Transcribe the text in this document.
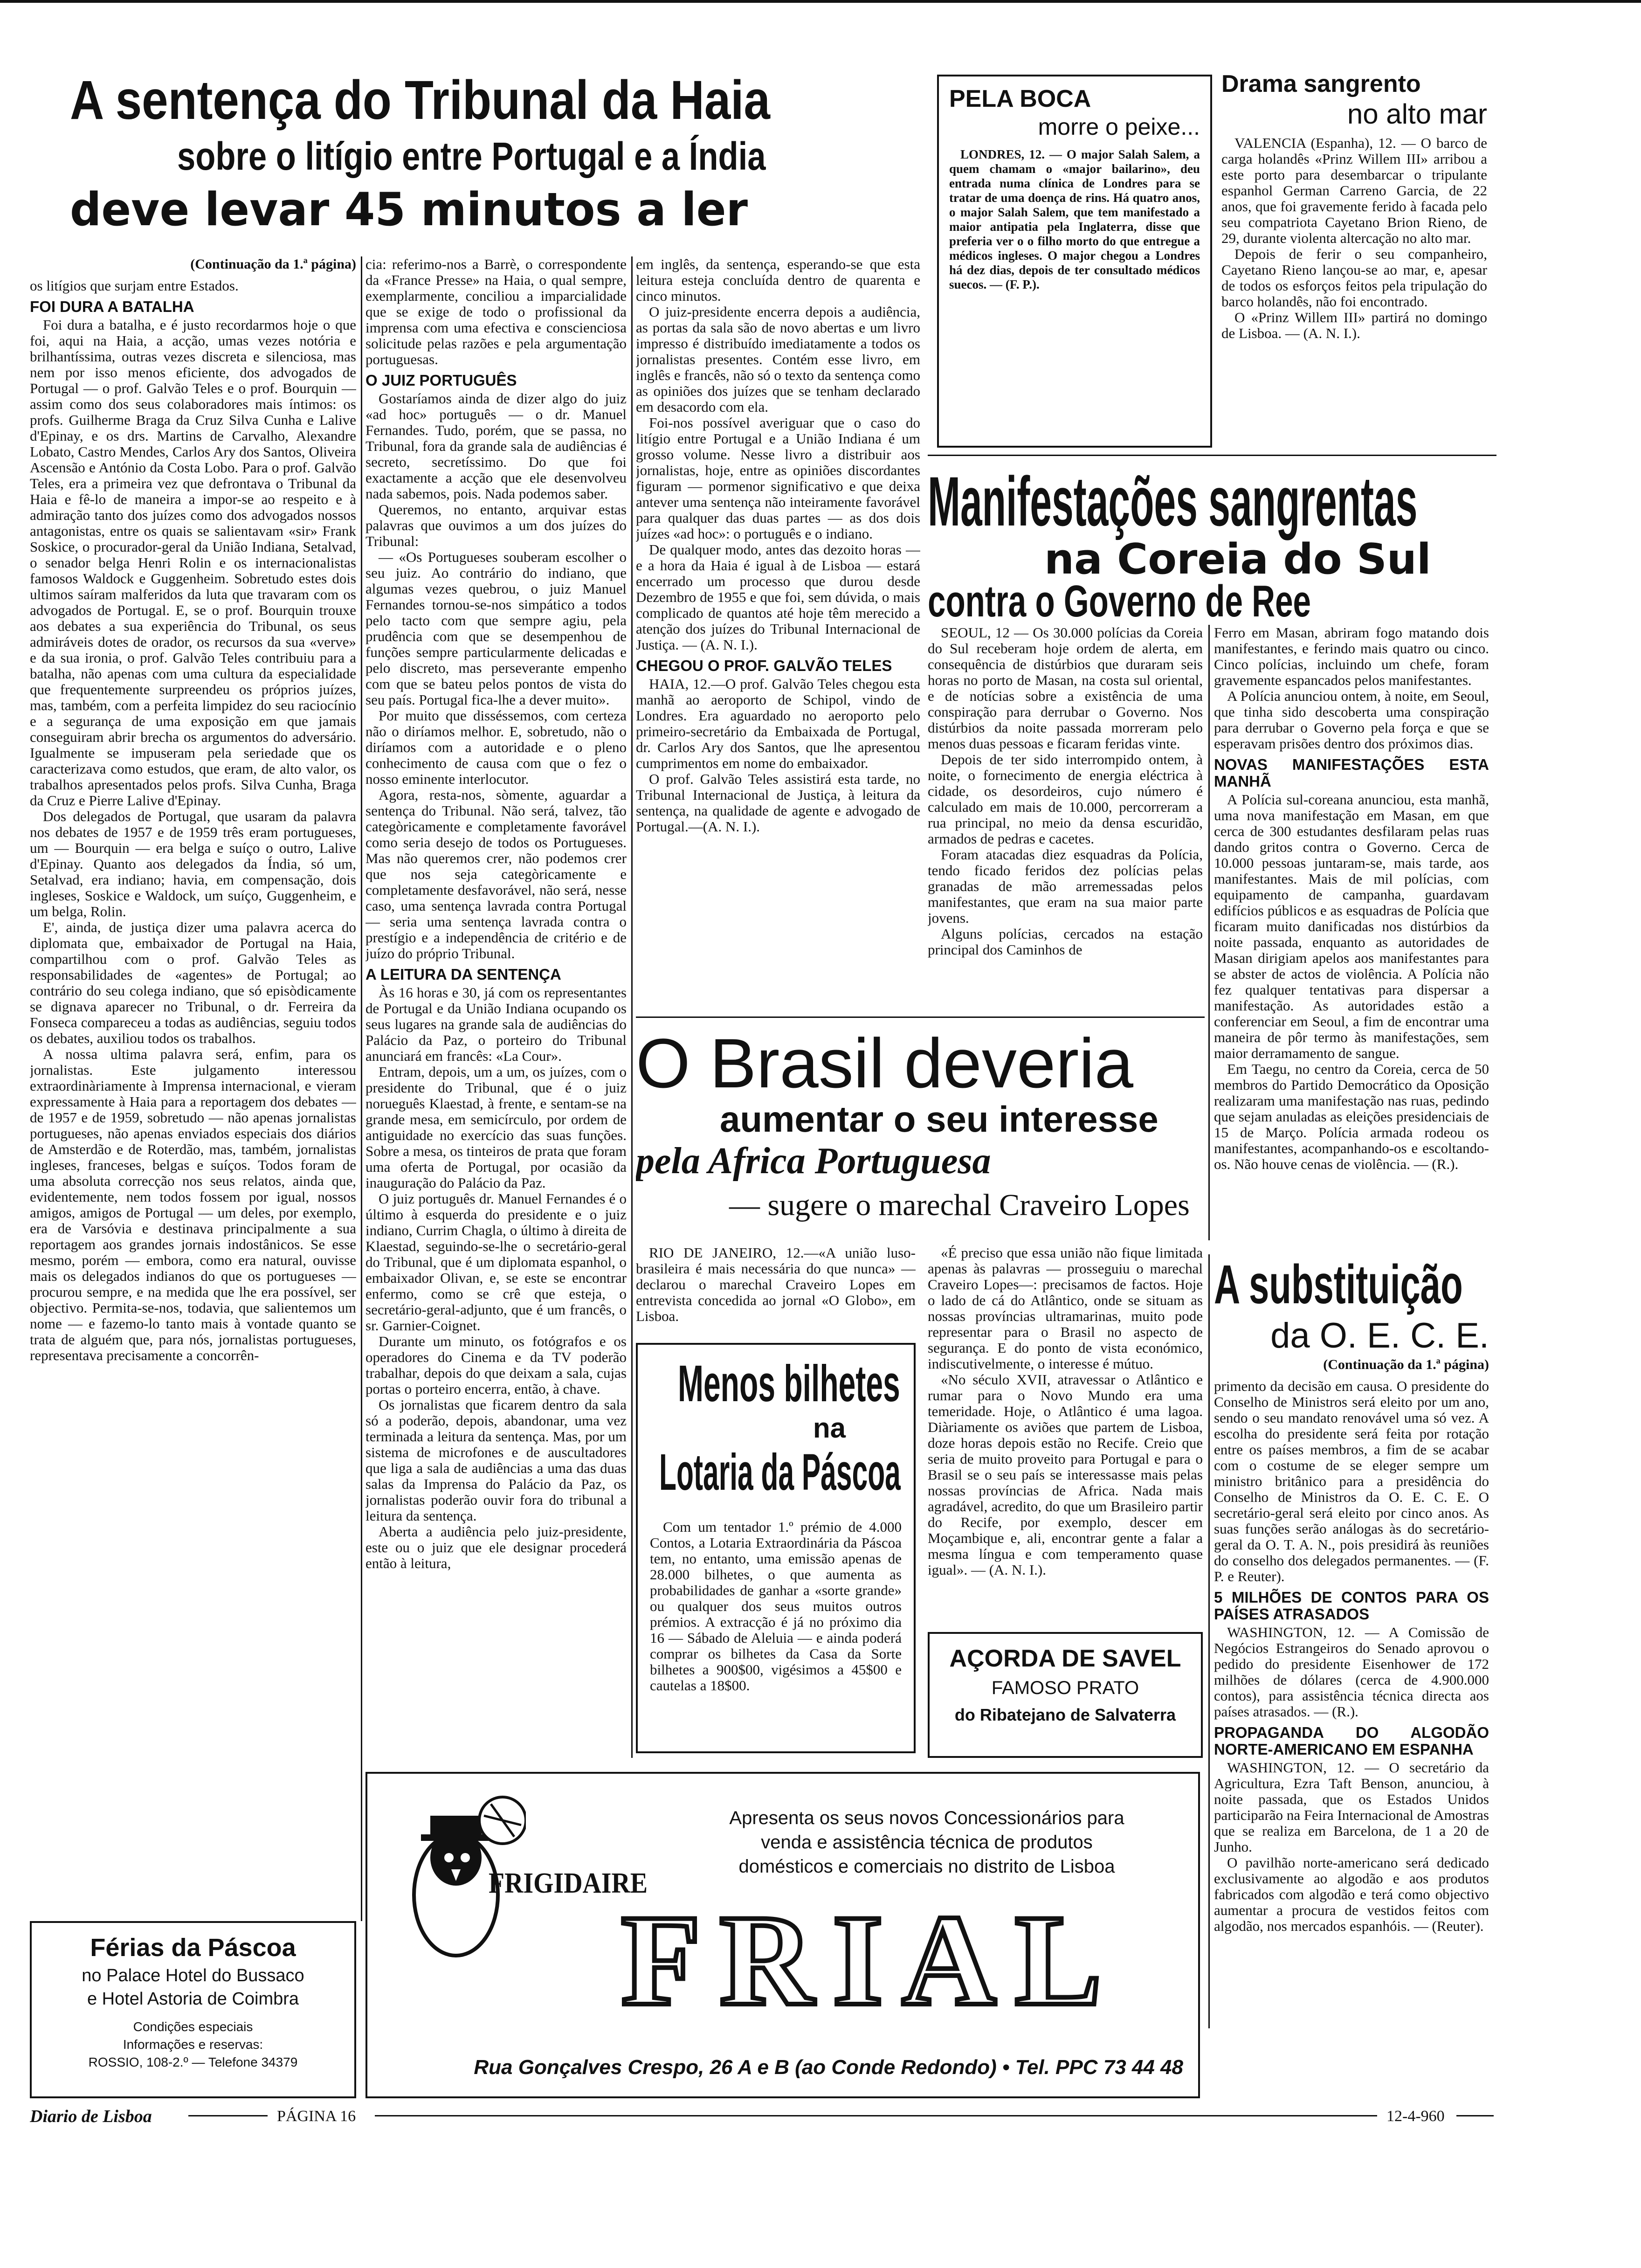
A sentença do Tribunal da Haia
sobre o litígio entre Portugal e a Índia
deve levar 45 minutos a ler
(Continuação da 1.ª página)

os litígios que surjam entre Estados.

FOI DURA A BATALHA

Foi dura a batalha, e é justo recordarmos hoje o que foi, aqui na Haia, a acção, umas vezes notória e brilhantíssima, outras vezes discreta e silenciosa, mas nem por isso menos eficiente, dos advogados de Portugal — o prof. Galvão Teles e o prof. Bourquin — assim como dos seus colaboradores mais íntimos: os profs. Guilherme Braga da Cruz Silva Cunha e Lalive d'Epinay, e os drs. Martins de Carvalho, Alexandre Lobato, Castro Mendes, Carlos Ary dos Santos, Oliveira Ascensão e António da Costa Lobo. Para o prof. Galvão Teles, era a primeira vez que defrontava o Tribunal da Haia e fê-lo de maneira a impor-se ao respeito e à admiração tanto dos juízes como dos advogados nossos antagonistas, entre os quais se salientavam «sir» Frank Soskice, o procurador-geral da União Indiana, Setalvad, o senador belga Henri Rolin e os internacionalistas famosos Waldock e Guggenheim. Sobretudo estes dois ultimos saíram malferidos da luta que travaram com os advogados de Portugal. E, se o prof. Bourquin trouxe aos debates a sua experiência do Tribunal, os seus admiráveis dotes de orador, os recursos da sua «verve» e da sua ironia, o prof. Galvão Teles contribuiu para a batalha, não apenas com uma cultura da especialidade que frequentemente surpreendeu os próprios juízes, mas, também, com a perfeita limpidez do seu raciocínio e a segurança de uma exposição em que jamais conseguiram abrir brecha os argumentos do adversário. Igualmente se impuseram pela seriedade que os caracterizava como estudos, que eram, de alto valor, os trabalhos apresentados pelos profs. Silva Cunha, Braga da Cruz e Pierre Lalive d'Epinay.

Dos delegados de Portugal, que usaram da palavra nos debates de 1957 e de 1959 três eram portugueses, um — Bourquin — era belga e suíço o outro, Lalive d'Epinay. Quanto aos delegados da Índia, só um, Setalvad, era indiano; havia, em compensação, dois ingleses, Soskice e Waldock, um suíço, Guggenheim, e um belga, Rolin.

E', ainda, de justiça dizer uma palavra acerca do diplomata que, embaixador de Portugal na Haia, compartilhou com o prof. Galvão Teles as responsabilidades de «agentes» de Portugal; ao contrário do seu colega indiano, que só episòdicamente se dignava aparecer no Tribunal, o dr. Ferreira da Fonseca compareceu a todas as audiências, seguiu todos os debates, auxiliou todos os trabalhos.

A nossa ultima palavra será, enfim, para os jornalistas. Este julgamento interessou extraordinàriamente à Imprensa internacional, e vieram expressamente à Haia para a reportagem dos debates — de 1957 e de 1959, sobretudo — não apenas jornalistas portugueses, não apenas enviados especiais dos diários de Amsterdão e de Roterdão, mas, também, jornalistas ingleses, franceses, belgas e suíços. Todos foram de uma absoluta correcção nos seus relatos, ainda que, evidentemente, nem todos fossem por igual, nossos amigos, amigos de Portugal — um deles, por exemplo, era de Varsóvia e destinava principalmente a sua reportagem aos grandes jornais indostânicos. Se esse mesmo, porém — embora, como era natural, ouvisse mais os delegados indianos do que os portugueses — procurou sempre, e na medida que lhe era possível, ser objectivo. Permita-se-nos, todavia, que salientemos um nome — e fazemo-lo tanto mais à vontade quanto se trata de alguém que, para nós, jornalistas portugueses, representava precisamente a concorrên-

cia: referimo-nos a Barrè, o correspondente da «France Presse» na Haia, o qual sempre, exemplarmente, conciliou a imparcialidade que se exige de todo o profissional da imprensa com uma efectiva e conscienciosa solicitude pelas razões e pela argumentação portuguesas.

O JUIZ PORTUGUÊS

Gostaríamos ainda de dizer algo do juiz «ad hoc» português — o dr. Manuel Fernandes. Tudo, porém, que se passa, no Tribunal, fora da grande sala de audiências é secreto, secretíssimo. Do que foi exactamente a acção que ele desenvolveu nada sabemos, pois. Nada podemos saber.

Queremos, no entanto, arquivar estas palavras que ouvimos a um dos juízes do Tribunal:

— «Os Portugueses souberam escolher o seu juiz. Ao contrário do indiano, que algumas vezes quebrou, o juiz Manuel Fernandes tornou-se-nos simpático a todos pelo tacto com que sempre agiu, pela prudência com que se desempenhou de funções sempre particularmente delicadas e pelo discreto, mas perseverante empenho com que se bateu pelos pontos de vista do seu país. Portugal fica-lhe a dever muito».

Por muito que disséssemos, com certeza não o diríamos melhor. E, sobretudo, não o diríamos com a autoridade e o pleno conhecimento de causa com que o fez o nosso eminente interlocutor.

Agora, resta-nos, sòmente, aguardar a sentença do Tribunal. Não será, talvez, tão categòricamente e completamente favorável como seria desejo de todos os Portugueses. Mas não queremos crer, não podemos crer que nos seja categòricamente e completamente desfavorável, não será, nesse caso, uma sentença lavrada contra Portugal — seria uma sentença lavrada contra o prestígio e a independência de critério e de juízo do próprio Tribunal.

A LEITURA DA SENTENÇA

Às 16 horas e 30, já com os representantes de Portugal e da União Indiana ocupando os seus lugares na grande sala de audiências do Palácio da Paz, o porteiro do Tribunal anunciará em francês: «La Cour».

Entram, depois, um a um, os juízes, com o presidente do Tribunal, que é o juiz norueguês Klaestad, à frente, e sentam-se na grande mesa, em semicírculo, por ordem de antiguidade no exercício das suas funções. Sobre a mesa, os tinteiros de prata que foram uma oferta de Portugal, por ocasião da inauguração do Palácio da Paz.

O juiz português dr. Manuel Fernandes é o último à esquerda do presidente e o juiz indiano, Currim Chagla, o último à direita de Klaestad, seguindo-se-lhe o secretário-geral do Tribunal, que é um diplomata espanhol, o embaixador Olivan, e, se este se encontrar enfermo, como se crê que esteja, o secretário-geral-adjunto, que é um francês, o sr. Garnier-Coignet.

Durante um minuto, os fotógrafos e os operadores do Cinema e da TV poderão trabalhar, depois do que deixam a sala, cujas portas o porteiro encerra, então, à chave.

Os jornalistas que ficarem dentro da sala só a poderão, depois, abandonar, uma vez terminada a leitura da sentença. Mas, por um sistema de microfones e de auscultadores que liga a sala de audiências a uma das duas salas da Imprensa do Palácio da Paz, os jornalistas poderão ouvir fora do tribunal a leitura da sentença.

Aberta a audiência pelo juiz-presidente, este ou o juiz que ele designar procederá então à leitura,

em inglês, da sentença, esperando-se que esta leitura esteja concluída dentro de quarenta e cinco minutos.

O juiz-presidente encerra depois a audiência, as portas da sala são de novo abertas e um livro impresso é distribuído imediatamente a todos os jornalistas presentes. Contém esse livro, em inglês e francês, não só o texto da sentença como as opiniões dos juízes que se tenham declarado em desacordo com ela.

Foi-nos possível averiguar que o caso do litígio entre Portugal e a União Indiana é um grosso volume. Nesse livro a distribuir aos jornalistas, hoje, entre as opiniões discordantes figuram — pormenor significativo e que deixa antever uma sentença não inteiramente favorável para qualquer das duas partes — as dos dois juízes «ad hoc»: o português e o indiano.

De qualquer modo, antes das dezoito horas — e a hora da Haia é igual à de Lisboa — estará encerrado um processo que durou desde Dezembro de 1955 e que foi, sem dúvida, o mais complicado de quantos até hoje têm merecido a atenção dos juízes do Tribunal Internacional de Justiça. — (A. N. I.).

CHEGOU O PROF. GALVÃO TELES

HAIA, 12.—O prof. Galvão Teles chegou esta manhã ao aeroporto de Schipol, vindo de Londres. Era aguardado no aeroporto pelo primeiro-secretário da Embaixada de Portugal, dr. Carlos Ary dos Santos, que lhe apresentou cumprimentos em nome do embaixador.

O prof. Galvão Teles assistirá esta tarde, no Tribunal Internacional de Justiça, à leitura da sentença, na qualidade de agente e advogado de Portugal.—(A. N. I.).

PELA BOCA
morre o peixe...
LONDRES, 12. — O major Salah Salem, a quem chamam o «major bailarino», deu entrada numa clínica de Londres para se tratar de uma doença de rins. Há quatro anos, o major Salah Salem, que tem manifestado a maior antipatia pela Inglaterra, disse que preferia ver o o filho morto do que entregue a médicos ingleses. O major chegou a Londres há dez dias, depois de ter consultado médicos suecos. — (F. P.).
Drama sangrento
no alto mar

VALENCIA (Espanha), 12. — O barco de carga holandês «Prinz Willem III» arribou a este porto para desembarcar o tripulante espanhol German Carreno Garcia, de 22 anos, que foi gravemente ferido à facada pelo seu compatriota Cayetano Brion Rieno, de 29, durante violenta altercação no alto mar.

Depois de ferir o seu companheiro, Cayetano Rieno lançou-se ao mar, e, apesar de todos os esforços feitos pela tripulação do barco holandês, não foi encontrado.

O «Prinz Willem III» partirá no domingo de Lisboa. — (A. N. I.).

Manifestações sangrentas
na Coreia do Sul
contra o Governo de Ree

SEOUL, 12 — Os 30.000 polícias da Coreia do Sul receberam hoje ordem de alerta, em consequência de distúrbios que duraram seis horas no porto de Masan, na costa sul oriental, e de notícias sobre a existência de uma conspiração para derrubar o Governo. Nos distúrbios da noite passada morreram pelo menos duas pessoas e ficaram feridas vinte.

Depois de ter sido interrompido ontem, à noite, o fornecimento de energia eléctrica à cidade, os desordeiros, cujo número é calculado em mais de 10.000, percorreram a rua principal, no meio da densa escuridão, armados de pedras e cacetes.

Foram atacadas diez esquadras da Polícia, tendo ficado feridos dez polícias pelas granadas de mão arremessadas pelos manifestantes, que eram na sua maior parte jovens.

Alguns polícias, cercados na estação principal dos Caminhos de

Ferro em Masan, abriram fogo matando dois manifestantes, e ferindo mais quatro ou cinco. Cinco polícias, incluindo um chefe, foram gravemente espancados pelos manifestantes.

A Polícia anunciou ontem, à noite, em Seoul, que tinha sido descoberta uma conspiração para derrubar o Governo pela força e que se esperavam prisões dentro dos próximos dias.

NOVAS MANIFESTAÇÕES ESTA MANHÃ

A Polícia sul-coreana anunciou, esta manhã, uma nova manifestação em Masan, em que cerca de 300 estudantes desfilaram pelas ruas dando gritos contra o Governo. Cerca de 10.000 pessoas juntaram-se, mais tarde, aos manifestantes. Mais de mil polícias, com equipamento de campanha, guardavam edifícios públicos e as esquadras de Polícia que ficaram muito danificadas nos distúrbios da noite passada, enquanto as autoridades de Masan dirigiam apelos aos manifestantes para se abster de actos de violência. A Polícia não fez qualquer tentativas para dispersar a manifestação. As autoridades estão a conferenciar em Seoul, a fim de encontrar uma maneira de pôr termo às manifestações, sem maior derramamento de sangue.

Em Taegu, no centro da Coreia, cerca de 50 membros do Partido Democrático da Oposição realizaram uma manifestação nas ruas, pedindo que sejam anuladas as eleições presidenciais de 15 de Março. Polícia armada rodeou os manifestantes, acompanhando-os e escoltando-os. Não houve cenas de violência. — (R.).

O Brasil deveria
aumentar o seu interesse
pela Africa Portuguesa
— sugere o marechal Craveiro Lopes

RIO DE JANEIRO, 12.—«A união luso-brasileira é mais necessária do que nunca» — declarou o marechal Craveiro Lopes em entrevista concedida ao jornal «O Globo», em Lisboa.

«É preciso que essa união não fique limitada apenas às palavras — prosseguiu o marechal Craveiro Lopes—: precisamos de factos. Hoje o lado de cá do Atlântico, onde se situam as nossas províncias ultramarinas, muito pode representar para o Brasil no aspecto de segurança. E do ponto de vista económico, indiscutivelmente, o interesse é mútuo.

«No século XVII, atravessar o Atlântico e rumar para o Novo Mundo era uma temeridade. Hoje, o Atlântico é uma lagoa. Diàriamente os aviões que partem de Lisboa, doze horas depois estão no Recife. Creio que seria de muito proveito para Portugal e para o Brasil se o seu país se interessasse mais pelas nossas províncias de Africa. Nada mais agradável, acredito, do que um Brasileiro partir do Recife, por exemplo, descer em Moçambique e, ali, encontrar gente a falar a mesma língua e com temperamento quase igual». — (A. N. I.).

Menos bilhetes
na
Lotaria da Páscoa
Com um tentador 1.º prémio de 4.000 Contos, a Lotaria Extraordinária da Páscoa tem, no entanto, uma emissão apenas de 28.000 bilhetes, o que aumenta as probabilidades de ganhar a «sorte grande» ou qualquer dos seus muitos outros prémios. A extracção é já no próximo dia 16 — Sábado de Aleluia — e ainda poderá comprar os bilhetes da Casa da Sorte bilhetes a 900$00, vigésimos a 45$00 e cautelas a 18$00.
AÇORDA DE SAVEL
FAMOSO PRATO
do Ribatejano de Salvaterra
A substituição
da O. E. C. E.
(Continuação da 1.ª página)

primento da decisão em causa. O presidente do Conselho de Ministros será eleito por um ano, sendo o seu mandato renovável uma só vez. A escolha do presidente será feita por rotação entre os países membros, a fim de se acabar com o costume de se eleger sempre um ministro britânico para a presidência do Conselho de Ministros da O. E. C. E. O secretário-geral será eleito por cinco anos. As suas funções serão análogas às do secretário-geral da O. T. A. N., pois presidirá às reuniões do conselho dos delegados permanentes. — (F. P. e Reuter).

5 MILHÕES DE CONTOS PARA OS PAÍSES ATRASADOS

WASHINGTON, 12. — A Comissão de Negócios Estrangeiros do Senado aprovou o pedido do presidente Eisenhower de 172 milhões de dólares (cerca de 4.900.000 contos), para assistência técnica directa aos países atrasados. — (R.).

PROPAGANDA DO ALGODÃO NORTE-AMERICANO EM ESPANHA

WASHINGTON, 12. — O secretário da Agricultura, Ezra Taft Benson, anunciou, à noite passada, que os Estados Unidos participarão na Feira Internacional de Amostras que se realiza em Barcelona, de 1 a 20 de Junho.

O pavilhão norte-americano será dedicado exclusivamente ao algodão e aos produtos fabricados com algodão e terá como objectivo aumentar a procura de vestidos feitos com algodão, nos mercados espanhóis. — (Reuter).

Férias da Páscoa
no Palace Hotel do Bussaco
e Hotel Astoria de Coimbra
Condições especiais
Informações e reservas:
ROSSIO, 108-2.º — Telefone 34379
FRIGIDAIRE
Apresenta os seus novos Concessionários para
venda e assistência técnica de produtos
domésticos e comerciais no distrito de Lisboa
FRIAL
Rua Gonçalves Crespo, 26 A e B (ao Conde Redondo) • Tel. PPC 73 44 48
Diario de Lisboa	PÁGINA 16	12-4-960
